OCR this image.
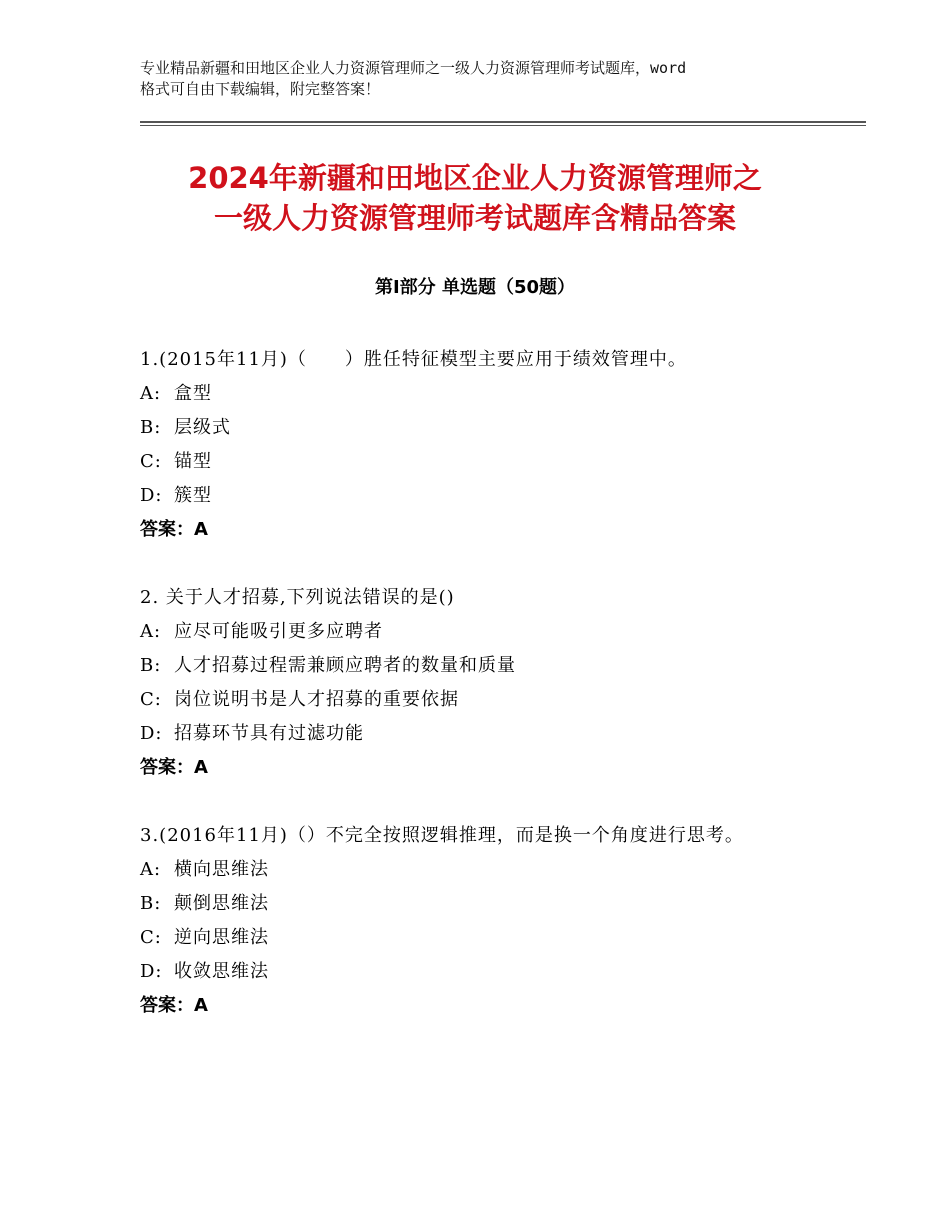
专业精品新疆和田地区企业人力资源管理师之一级人力资源管理师考试题库，word
格式可自由下载编辑，附完整答案！
2024年新疆和田地区企业人力资源管理师之
一级人力资源管理师考试题库含精品答案
第Ⅰ部分 单选题（50题）
1.(2015年11月)（　　）胜任特征模型主要应用于绩效管理中。
A: 盒型
B: 层级式
C: 锚型
D: 簇型
答案：A
2. 关于人才招募,下列说法错误的是()
A: 应尽可能吸引更多应聘者
B: 人才招募过程需兼顾应聘者的数量和质量
C: 岗位说明书是人才招募的重要依据
D: 招募环节具有过滤功能
答案：A
3.(2016年11月)（）不完全按照逻辑推理，而是换一个角度进行思考。
A: 横向思维法
B: 颠倒思维法
C: 逆向思维法
D: 收敛思维法
答案：A
